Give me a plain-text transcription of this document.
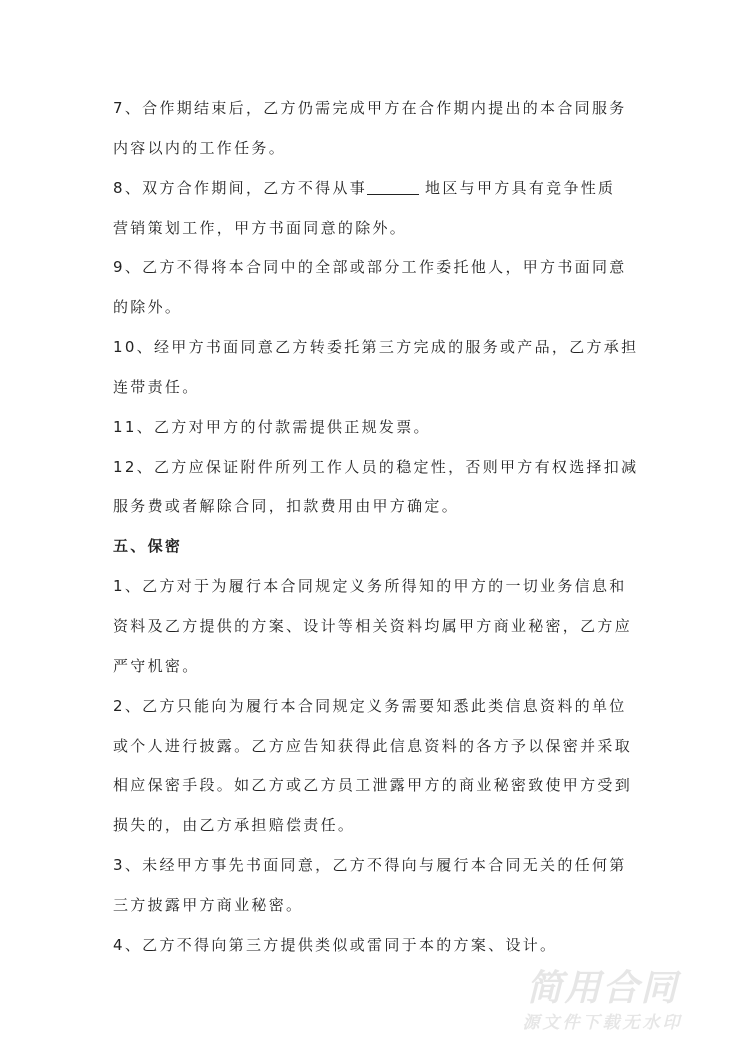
7、合作期结束后，乙方仍需完成甲方在合作期内提出的本合同服务
内容以内的工作任务。
8、双方合作期间，乙方不得从事	地区与甲方具有竞争性质
营销策划工作，甲方书面同意的除外。
9、乙方不得将本合同中的全部或部分工作委托他人，甲方书面同意
的除外。
10、经甲方书面同意乙方转委托第三方完成的服务或产品，乙方承担
连带责任。
11、乙方对甲方的付款需提供正规发票。
12、乙方应保证附件所列工作人员的稳定性，否则甲方有权选择扣减
服务费或者解除合同，扣款费用由甲方确定。
五、保密
1、乙方对于为履行本合同规定义务所得知的甲方的一切业务信息和
资料及乙方提供的方案、设计等相关资料均属甲方商业秘密，乙方应
严守机密。
2、乙方只能向为履行本合同规定义务需要知悉此类信息资料的单位
或个人进行披露。乙方应告知获得此信息资料的各方予以保密并采取
相应保密手段。如乙方或乙方员工泄露甲方的商业秘密致使甲方受到
损失的，由乙方承担赔偿责任。
3、未经甲方事先书面同意，乙方不得向与履行本合同无关的任何第
三方披露甲方商业秘密。
4、乙方不得向第三方提供类似或雷同于本的方案、设计。
简用合同
源文件下载无水印
